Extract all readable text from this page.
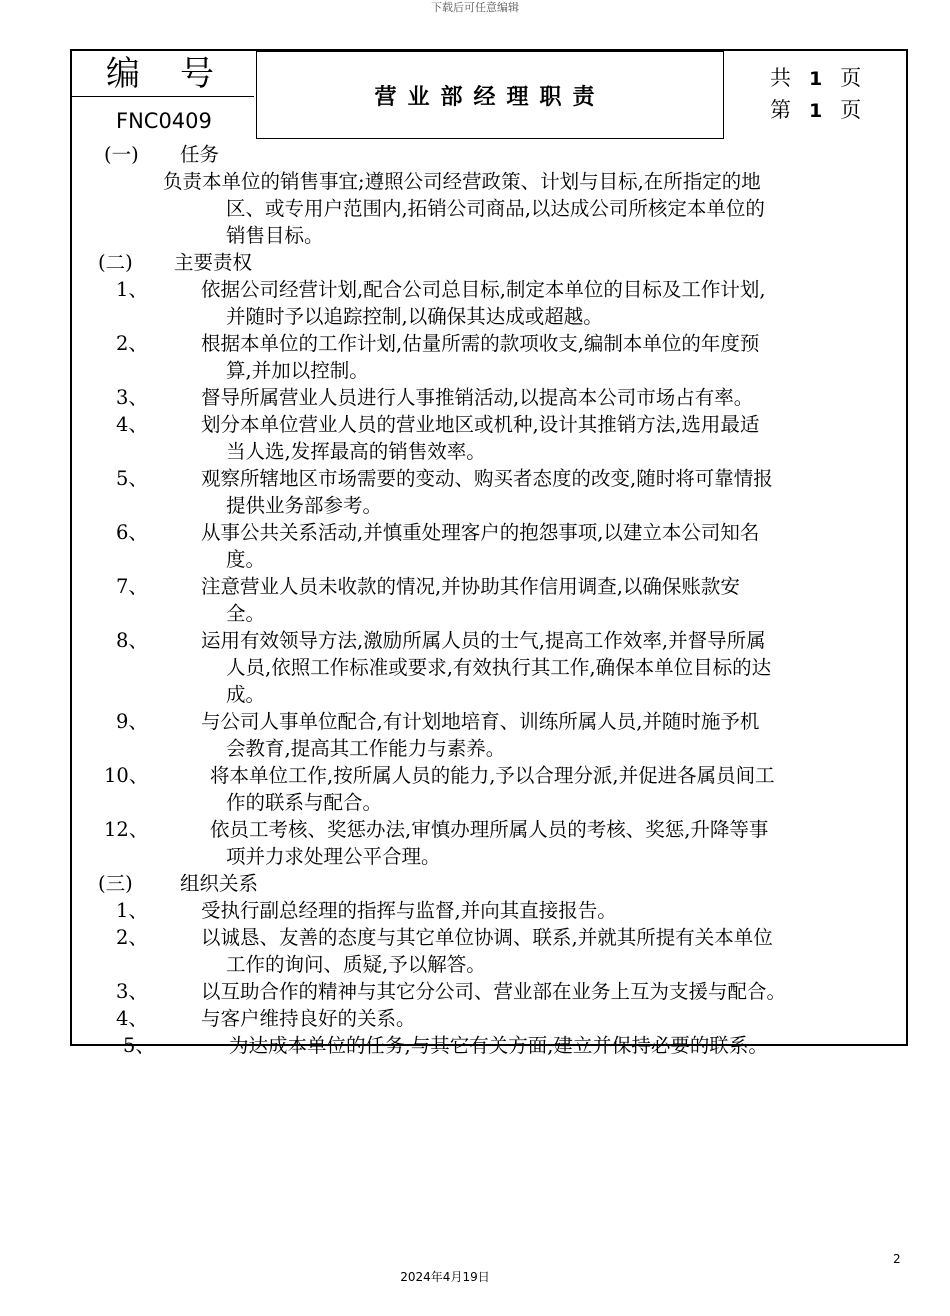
下载后可任意编辑
编号
FNC0409
营业部经理职责
共 1 页
第 1 页
(一) 任务
负责本单位的销售事宜;遵照公司经营政策、计划与目标,在所指定的地
区、或专用户范围内,拓销公司商品,以达成公司所核定本单位的
销售目标。
(二) 主要责权
1、	依据公司经营计划,配合公司总目标,制定本单位的目标及工作计划,
并随时予以追踪控制,以确保其达成或超越。
2、	根据本单位的工作计划,估量所需的款项收支,编制本单位的年度预
算,并加以控制。
3、	督导所属营业人员进行人事推销活动,以提高本公司市场占有率。
4、	划分本单位营业人员的营业地区或机种,设计其推销方法,选用最适
当人选,发挥最高的销售效率。
5、	观察所辖地区市场需要的变动、购买者态度的改变,随时将可靠情报
提供业务部参考。
6、	从事公共关系活动,并慎重处理客户的抱怨事项,以建立本公司知名
度。
7、	注意营业人员未收款的情况,并协助其作信用调查,以确保账款安
全。
8、	运用有效领导方法,激励所属人员的士气,提高工作效率,并督导所属
人员,依照工作标准或要求,有效执行其工作,确保本单位目标的达
成。
9、	与公司人事单位配合,有计划地培育、训练所属人员,并随时施予机
会教育,提高其工作能力与素养。
10、	将本单位工作,按所属人员的能力,予以合理分派,并促进各属员间工
作的联系与配合。
12、	依员工考核、奖惩办法,审慎办理所属人员的考核、奖惩,升降等事
项并力求处理公平合理。
(三) 组织关系
1、	受执行副总经理的指挥与监督,并向其直接报告。
2、	以诚恳、友善的态度与其它单位协调、联系,并就其所提有关本单位
工作的询问、质疑,予以解答。
3、	以互助合作的精神与其它分公司、营业部在业务上互为支援与配合。
4、	与客户维持良好的关系。
5、	为达成本单位的任务,与其它有关方面,建立并保持必要的联系。
2
2024年4月19日
